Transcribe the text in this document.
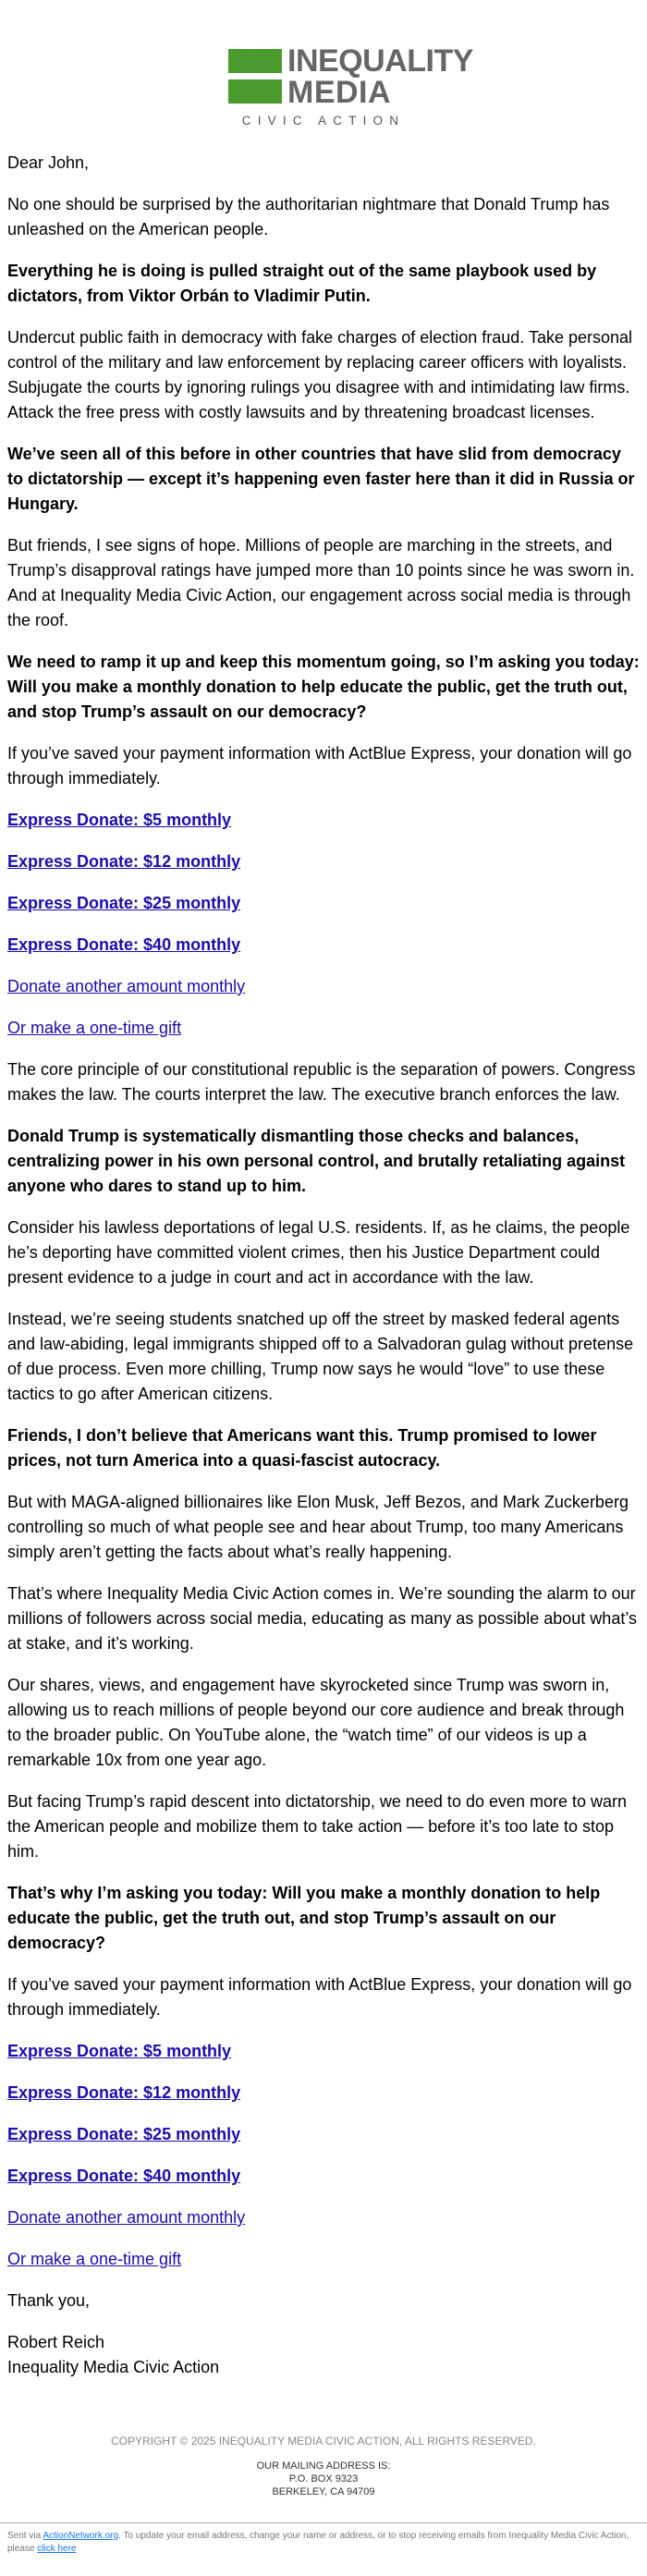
INEQUALITY
MEDIA
CIVIC ACTION

Dear John,

No one should be surprised by the authoritarian nightmare that Donald Trump has unleashed on the American people.

Everything he is doing is pulled straight out of the same playbook used by dictators, from Viktor Orbán to Vladimir Putin.

Undercut public faith in democracy with fake charges of election fraud. Take personal control of the military and law enforcement by replacing career officers with loyalists. Subjugate the courts by ignoring rulings you disagree with and intimidating law firms. Attack the free press with costly lawsuits and by threatening broadcast licenses.

We’ve seen all of this before in other countries that have slid from democracy to dictatorship — except it’s happening even faster here than it did in Russia or Hungary.

But friends, I see signs of hope. Millions of people are marching in the streets, and Trump’s disapproval ratings have jumped more than 10 points since he was sworn in. And at Inequality Media Civic Action, our engagement across social media is through the roof.

We need to ramp it up and keep this momentum going, so I’m asking you today: Will you make a monthly donation to help educate the public, get the truth out, and stop Trump’s assault on our democracy?

If you’ve saved your payment information with ActBlue Express, your donation will go through immediately.

Express Donate: $5 monthly

Express Donate: $12 monthly

Express Donate: $25 monthly

Express Donate: $40 monthly

Donate another amount monthly

Or make a one-time gift

The core principle of our constitutional republic is the separation of powers. Congress makes the law. The courts interpret the law. The executive branch enforces the law.

Donald Trump is systematically dismantling those checks and balances, centralizing power in his own personal control, and brutally retaliating against anyone who dares to stand up to him.

Consider his lawless deportations of legal U.S. residents. If, as he claims, the people he’s deporting have committed violent crimes, then his Justice Department could present evidence to a judge in court and act in accordance with the law.

Instead, we’re seeing students snatched up off the street by masked federal agents and law-abiding, legal immigrants shipped off to a Salvadoran gulag without pretense of due process. Even more chilling, Trump now says he would “love” to use these tactics to go after American citizens.

Friends, I don’t believe that Americans want this. Trump promised to lower prices, not turn America into a quasi-fascist autocracy.

But with MAGA-aligned billionaires like Elon Musk, Jeff Bezos, and Mark Zuckerberg controlling so much of what people see and hear about Trump, too many Americans simply aren’t getting the facts about what’s really happening.

That’s where Inequality Media Civic Action comes in. We’re sounding the alarm to our millions of followers across social media, educating as many as possible about what’s at stake, and it’s working.

Our shares, views, and engagement have skyrocketed since Trump was sworn in, allowing us to reach millions of people beyond our core audience and break through to the broader public. On YouTube alone, the “watch time” of our videos is up a remarkable 10x from one year ago.

But facing Trump’s rapid descent into dictatorship, we need to do even more to warn the American people and mobilize them to take action — before it’s too late to stop him.

That’s why I’m asking you today: Will you make a monthly donation to help educate the public, get the truth out, and stop Trump’s assault on our democracy?

If you’ve saved your payment information with ActBlue Express, your donation will go through immediately.

Express Donate: $5 monthly

Express Donate: $12 monthly

Express Donate: $25 monthly

Express Donate: $40 monthly

Donate another amount monthly

Or make a one-time gift

Thank you,

Robert Reich

Inequality Media Civic Action

COPYRIGHT © 2025 INEQUALITY MEDIA CIVIC ACTION, ALL RIGHTS RESERVED.
OUR MAILING ADDRESS IS:
P.O. BOX 9323
BERKELEY, CA 94709
Sent via ActionNetwork.org. To update your email address, change your name or address, or to stop receiving emails from Inequality Media Civic Action, please click here
